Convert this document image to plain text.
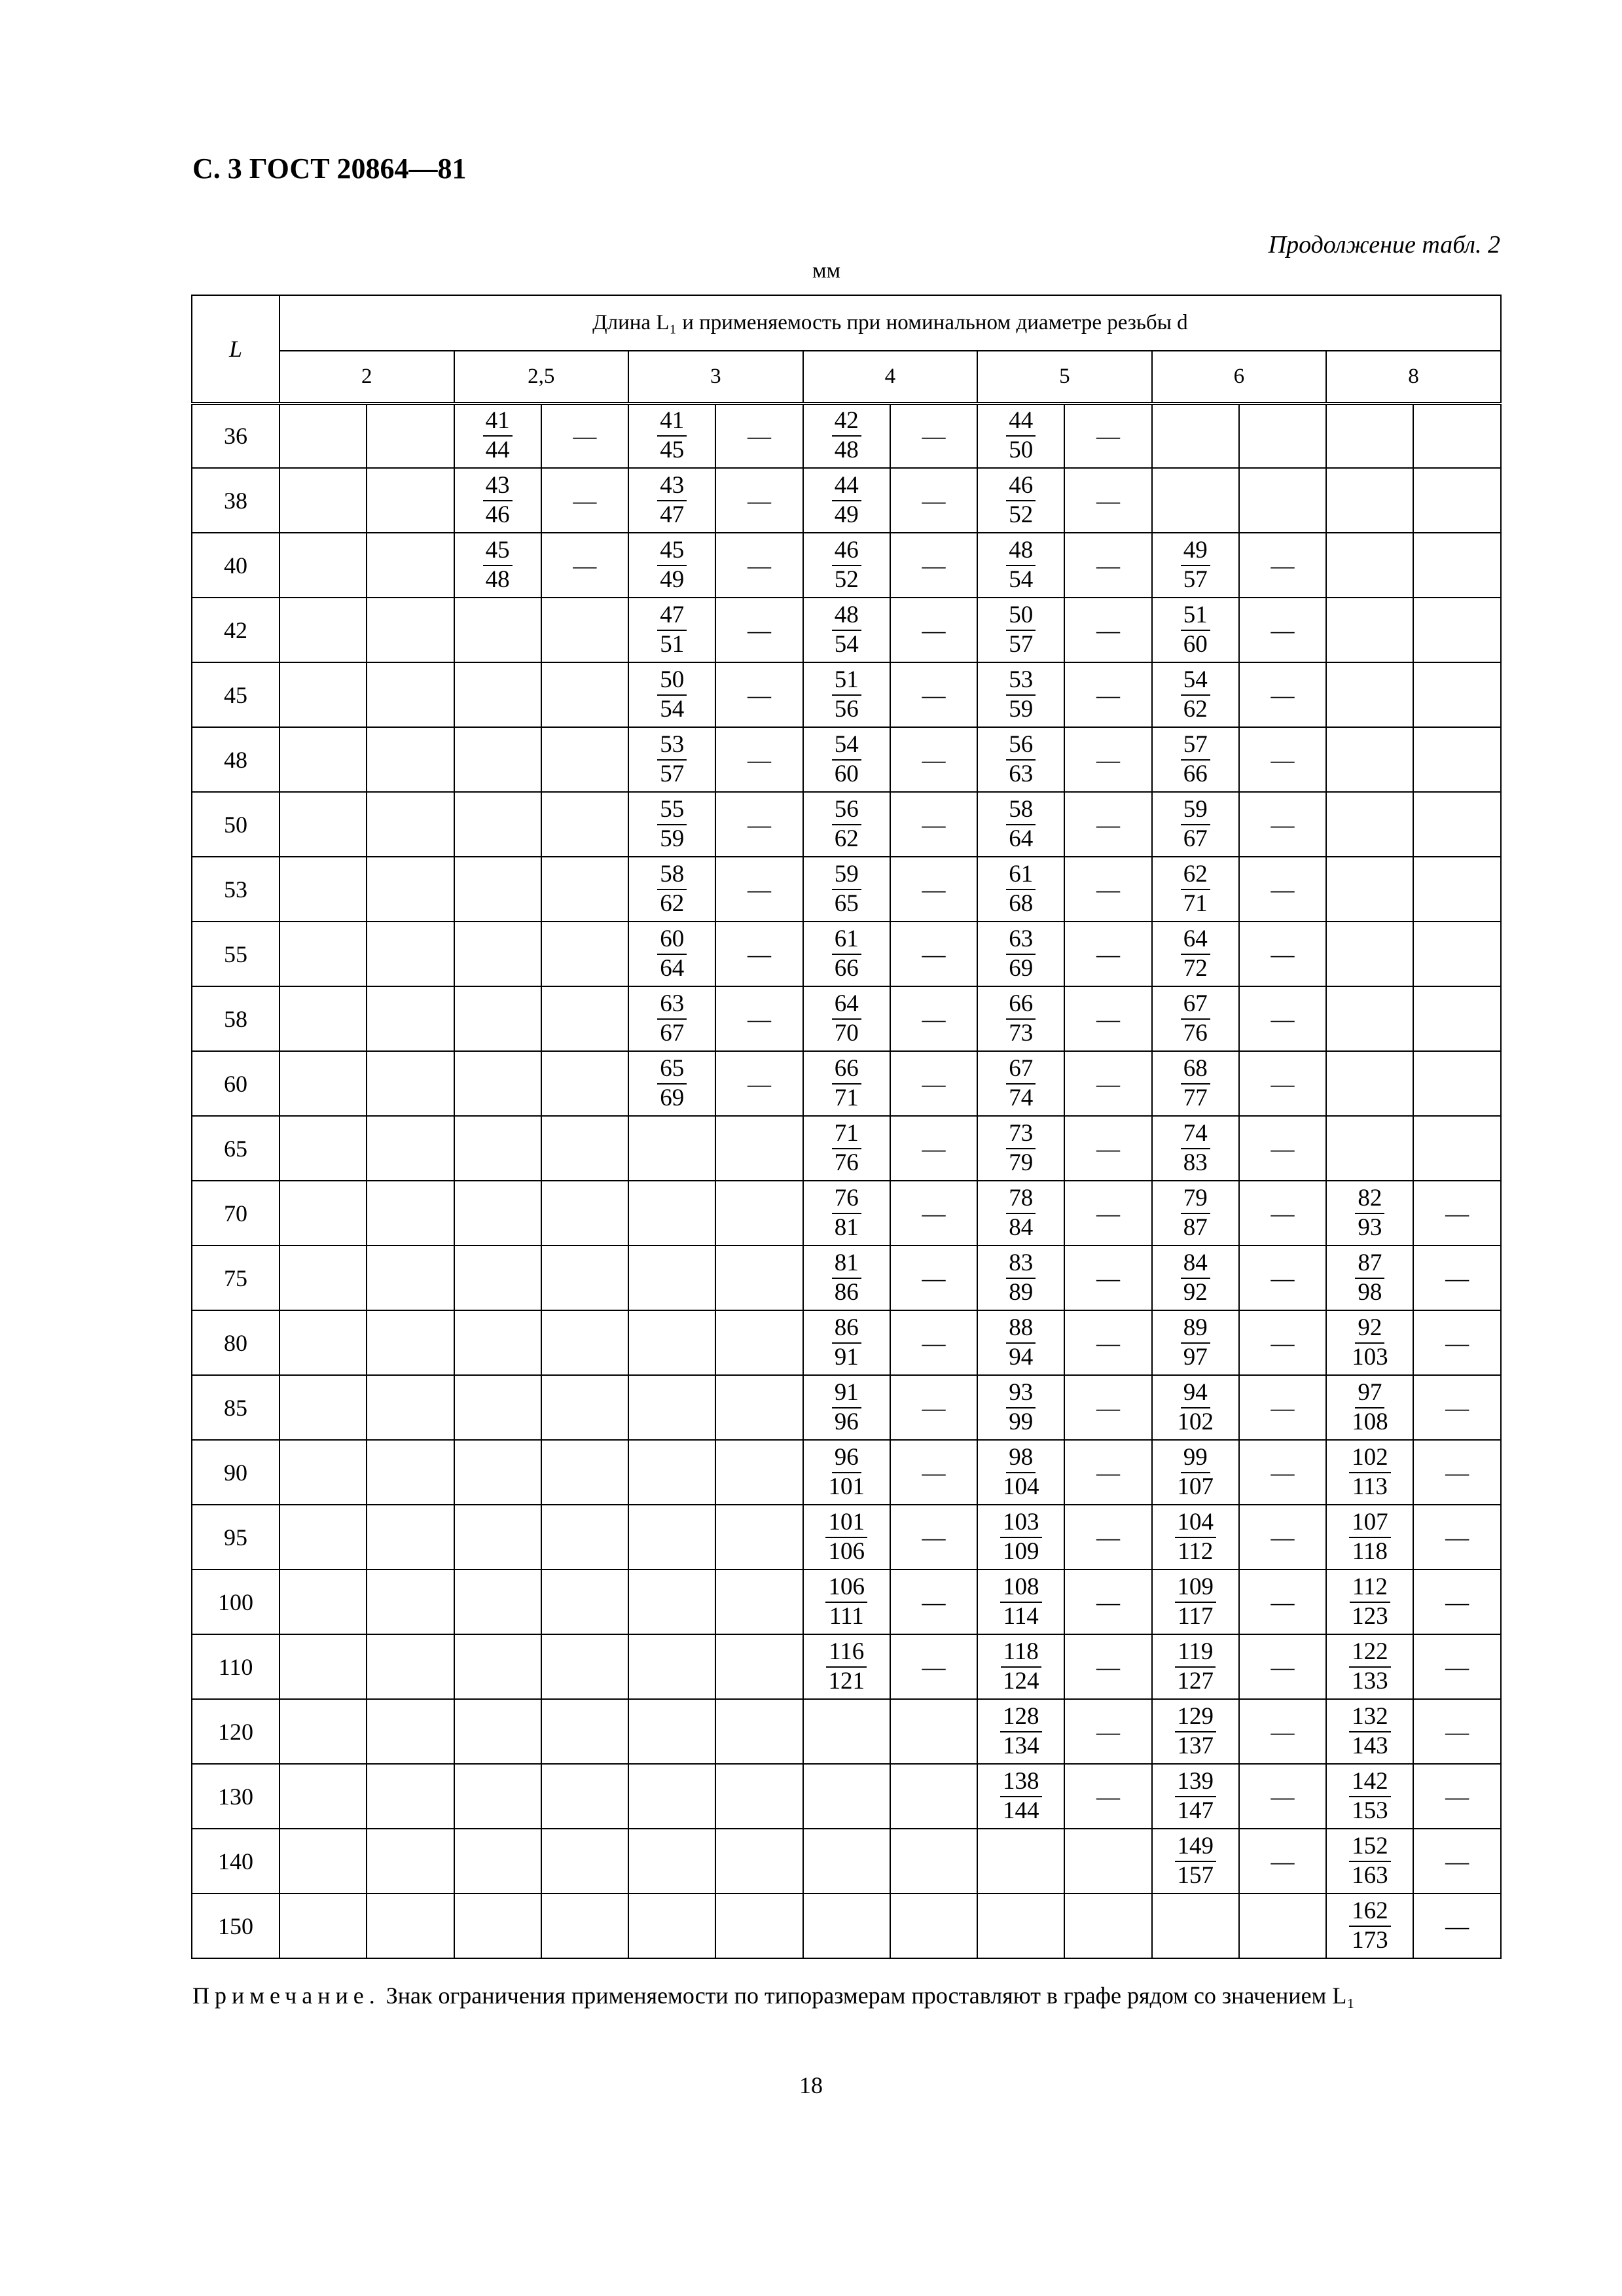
С. 3 ГОСТ 20864—81
Продолжение табл. 2
мм
L	Длина L₁ и применяемость при номинальном диаметре резьбы d													
	2		2,5		3		4		5		6		8	
36			$\frac{41}{44}$	—	$\frac{41}{45}$	—	$\frac{42}{48}$	—	$\frac{44}{50}$	—				
38			$\frac{43}{46}$	—	$\frac{43}{47}$	—	$\frac{44}{49}$	—	$\frac{46}{52}$	—				
40			$\frac{45}{48}$	—	$\frac{45}{49}$	—	$\frac{46}{52}$	—	$\frac{48}{54}$	—	$\frac{49}{57}$	—		
42					$\frac{47}{51}$	—	$\frac{48}{54}$	—	$\frac{50}{57}$	—	$\frac{51}{60}$	—		
45					$\frac{50}{54}$	—	$\frac{51}{56}$	—	$\frac{53}{59}$	—	$\frac{54}{62}$	—		
48					$\frac{53}{57}$	—	$\frac{54}{60}$	—	$\frac{56}{63}$	—	$\frac{57}{66}$	—		
50					$\frac{55}{59}$	—	$\frac{56}{62}$	—	$\frac{58}{64}$	—	$\frac{59}{67}$	—		
53					$\frac{58}{62}$	—	$\frac{59}{65}$	—	$\frac{61}{68}$	—	$\frac{62}{71}$	—		
55					$\frac{60}{64}$	—	$\frac{61}{66}$	—	$\frac{63}{69}$	—	$\frac{64}{72}$	—		
58					$\frac{63}{67}$	—	$\frac{64}{70}$	—	$\frac{66}{73}$	—	$\frac{67}{76}$	—		
60					$\frac{65}{69}$	—	$\frac{66}{71}$	—	$\frac{67}{74}$	—	$\frac{68}{77}$	—		
65							$\frac{71}{76}$	—	$\frac{73}{79}$	—	$\frac{74}{83}$	—		
70							$\frac{76}{81}$	—	$\frac{78}{84}$	—	$\frac{79}{87}$	—	$\frac{82}{93}$	—
75							$\frac{81}{86}$	—	$\frac{83}{89}$	—	$\frac{84}{92}$	—	$\frac{87}{98}$	—
80							$\frac{86}{91}$	—	$\frac{88}{94}$	—	$\frac{89}{97}$	—	$\frac{92}{103}$	—
85							$\frac{91}{96}$	—	$\frac{93}{99}$	—	$\frac{94}{102}$	—	$\frac{97}{108}$	—
90							$\frac{96}{101}$	—	$\frac{98}{104}$	—	$\frac{99}{107}$	—	$\frac{102}{113}$	—
95							$\frac{101}{106}$	—	$\frac{103}{109}$	—	$\frac{104}{112}$	—	$\frac{107}{118}$	—
100							$\frac{106}{111}$	—	$\frac{108}{114}$	—	$\frac{109}{117}$	—	$\frac{112}{123}$	—
110							$\frac{116}{121}$	—	$\frac{118}{124}$	—	$\frac{119}{127}$	—	$\frac{122}{133}$	—
120									$\frac{128}{134}$	—	$\frac{129}{137}$	—	$\frac{132}{143}$	—
130									$\frac{138}{144}$	—	$\frac{139}{147}$	—	$\frac{142}{153}$	—
140											$\frac{149}{157}$	—	$\frac{152}{163}$	—
150													$\frac{162}{173}$	—
Примечание. Знак ограничения применяемости по типоразмерам проставляют в графе рядом со значением L₁
18
